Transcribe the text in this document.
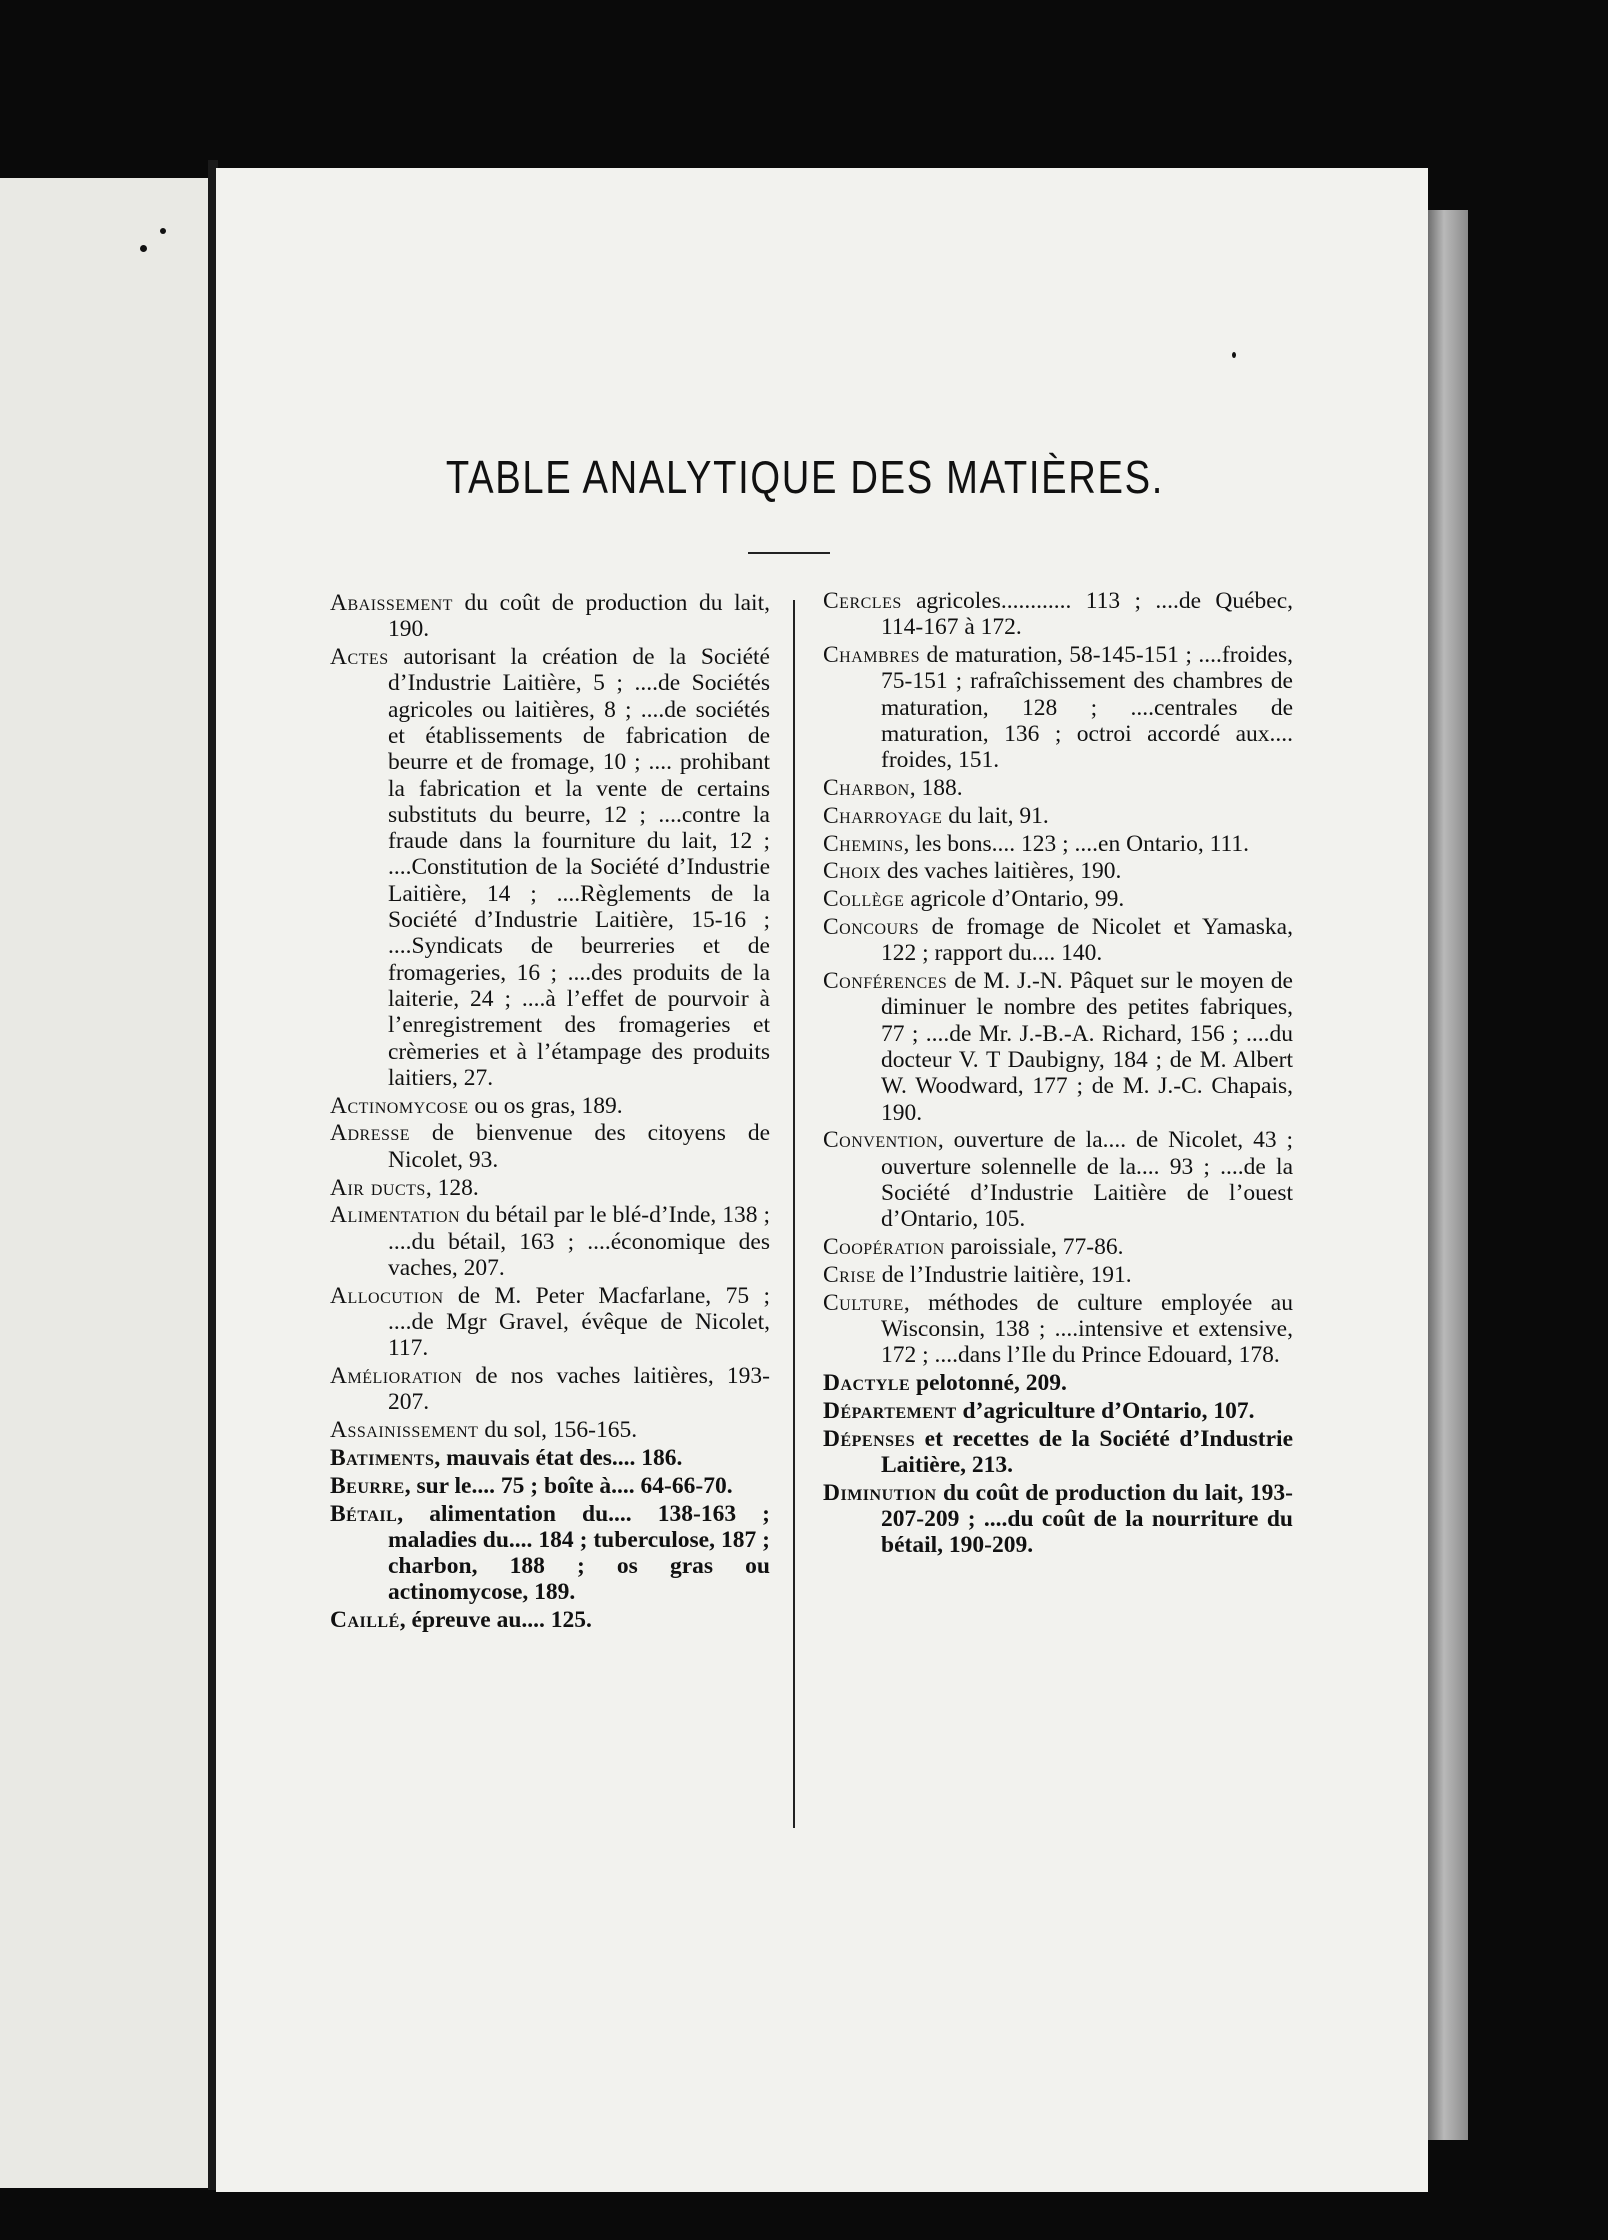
TABLE ANALYTIQUE DES MATIÈRES.

Abaissement du coût de production du lait, 190.

Actes autorisant la création de la Société d’Industrie Laitière, 5 ; ....de Sociétés agricoles ou laitières, 8 ; ....de sociétés et établissements de fabrication de beurre et de fromage, 10 ; .... prohibant la fabrication et la vente de certains substituts du beurre, 12 ; ....contre la fraude dans la fourniture du lait, 12 ; ....Constitution de la Société d’Industrie Laitière, 14 ; ....Règlements de la Société d’Industrie Laitière, 15-16 ; ....Syndicats de beurreries et de fromageries, 16 ; ....des produits de la laiterie, 24 ; ....à l’effet de pourvoir à l’enregistrement des fromageries et crèmeries et à l’étampage des produits laitiers, 27.

Actinomycose ou os gras, 189.

Adresse de bienvenue des citoyens de Nicolet, 93.

Air ducts, 128.

Alimentation du bétail par le blé-d’Inde, 138 ; ....du bétail, 163 ; ....économique des vaches, 207.

Allocution de M. Peter Macfarlane, 75 ; ....de Mgr Gravel, évêque de Nicolet, 117.

Amélioration de nos vaches laitières, 193-207.

Assainissement du sol, 156-165.

Batiments, mauvais état des.... 186.

Beurre, sur le.... 75 ; boîte à.... 64-66-70.

Bétail, alimentation du.... 138-163 ; maladies du.... 184 ; tuberculose, 187 ; charbon, 188 ; os gras ou actinomycose, 189.

Caillé, épreuve au.... 125.

Cercles agricoles............ 113 ; ....de Québec, 114-167 à 172.

Chambres de maturation, 58-145-151 ; ....froides, 75-151 ; rafraîchissement des chambres de maturation, 128 ; ....centrales de maturation, 136 ; octroi accordé aux.... froides, 151.

Charbon, 188.

Charroyage du lait, 91.

Chemins, les bons.... 123 ; ....en Ontario, 111.

Choix des vaches laitières, 190.

Collège agricole d’Ontario, 99.

Concours de fromage de Nicolet et Yamaska, 122 ; rapport du.... 140.

Conférences de M. J.-N. Pâquet sur le moyen de diminuer le nombre des petites fabriques, 77 ; ....de Mr. J.-B.-A. Richard, 156 ; ....du docteur V. T Daubigny, 184 ; de M. Albert W. Woodward, 177 ; de M. J.-C. Chapais, 190.

Convention, ouverture de la.... de Nicolet, 43 ; ouverture solennelle de la.... 93 ; ....de la Société d’Industrie Laitière de l’ouest d’Ontario, 105.

Coopération paroissiale, 77-86.

Crise de l’Industrie laitière, 191.

Culture, méthodes de culture employée au Wisconsin, 138 ; ....intensive et extensive, 172 ; ....dans l’Ile du Prince Edouard, 178.

Dactyle pelotonné, 209.

Département d’agriculture d’Ontario, 107.

Dépenses et recettes de la Société d’Industrie Laitière, 213.

Diminution du coût de production du lait, 193-207-209 ; ....du coût de la nourriture du bétail, 190-209.
